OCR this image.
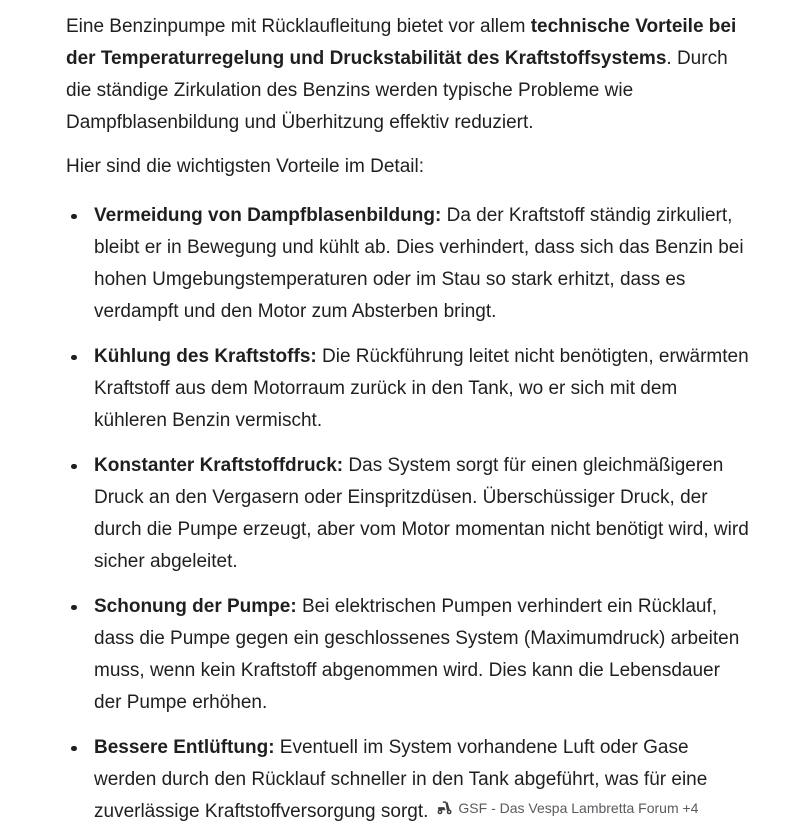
Eine Benzinpumpe mit Rücklaufleitung bietet vor allem technische Vorteile bei der Temperaturregelung und Druckstabilität des Kraftstoffsystems. Durch die ständige Zirkulation des Benzins werden typische Probleme wie Dampfblasenbildung und Überhitzung effektiv reduziert.

Hier sind die wichtigsten Vorteile im Detail:

Vermeidung von Dampfblasenbildung: Da der Kraftstoff ständig zirkuliert, bleibt er in Bewegung und kühlt ab. Dies verhindert, dass sich das Benzin bei hohen Umgebungstemperaturen oder im Stau so stark erhitzt, dass es verdampft und den Motor zum Absterben bringt.
Kühlung des Kraftstoffs: Die Rückführung leitet nicht benötigten, erwärmten Kraftstoff aus dem Motorraum zurück in den Tank, wo er sich mit dem kühleren Benzin vermischt.
Konstanter Kraftstoffdruck: Das System sorgt für einen gleichmäßigeren Druck an den Vergasern oder Einspritzdüsen. Überschüssiger Druck, der durch die Pumpe erzeugt, aber vom Motor momentan nicht benötigt wird, wird sicher abgeleitet.
Schonung der Pumpe: Bei elektrischen Pumpen verhindert ein Rücklauf, dass die Pumpe gegen ein geschlossenes System (Maximumdruck) arbeiten muss, wenn kein Kraftstoff abgenommen wird. Dies kann die Lebensdauer der Pumpe erhöhen.
Bessere Entlüftung: Eventuell im System vorhandene Luft oder Gase werden durch den Rücklauf schneller in den Tank abgeführt, was für eine zuverlässige Kraftstoffversorgung sorgt. GSF - Das Vespa Lambretta Forum +4
